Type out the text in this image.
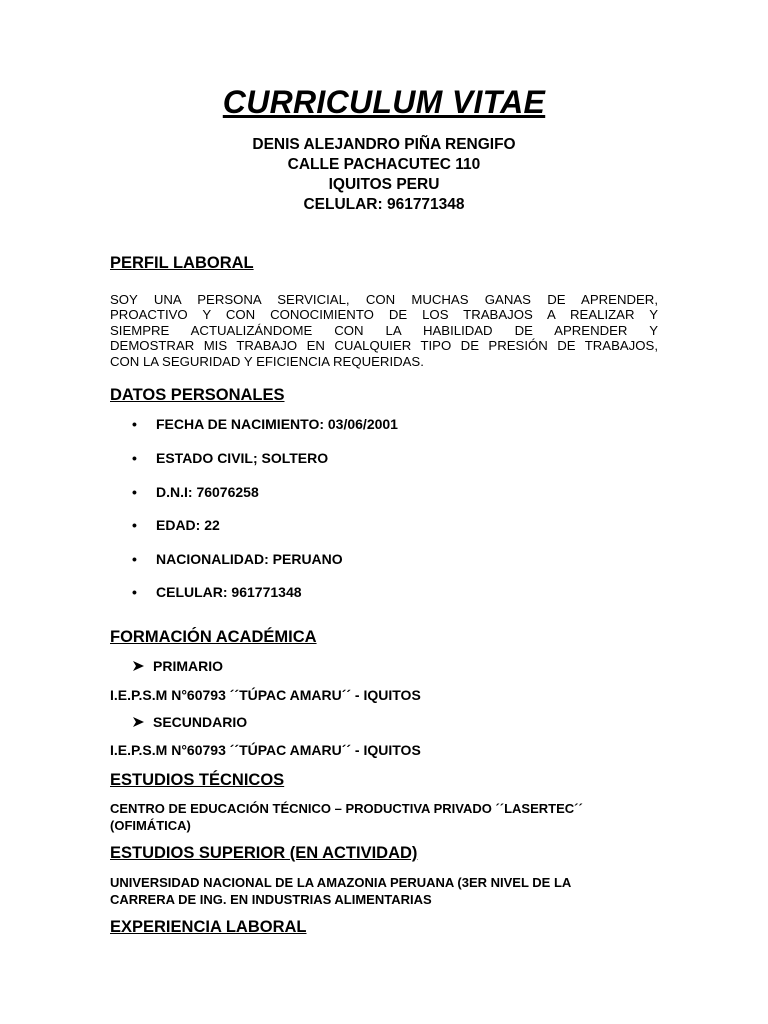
CURRICULUM VITAE
DENIS ALEJANDRO PIÑA RENGIFO
CALLE PACHACUTEC 110
IQUITOS PERU
CELULAR: 961771348
PERFIL LABORAL
SOY UNA PERSONA SERVICIAL, CON MUCHAS GANAS DE APRENDER,
PROACTIVO Y CON CONOCIMIENTO DE LOS TRABAJOS A REALIZAR Y
SIEMPRE ACTUALIZÁNDOME CON LA HABILIDAD DE APRENDER Y
DEMOSTRAR MIS TRABAJO EN CUALQUIER TIPO DE PRESIÓN DE TRABAJOS,
CON LA SEGURIDAD Y EFICIENCIA REQUERIDAS.
DATOS PERSONALES
• FECHA DE NACIMIENTO: 03/06/2001
• ESTADO CIVIL; SOLTERO
• D.N.I: 76076258
• EDAD: 22
• NACIONALIDAD: PERUANO
• CELULAR: 961771348
FORMACIÓN ACADÉMICA
PRIMARIO
I.E.P.S.M N°60793 ´´TÚPAC AMARU´´ - IQUITOS
SECUNDARIO
I.E.P.S.M N°60793 ´´TÚPAC AMARU´´ - IQUITOS
ESTUDIOS TÉCNICOS
CENTRO DE EDUCACIÓN TÉCNICO – PRODUCTIVA PRIVADO ´´LASERTEC´´
(OFIMÁTICA)
ESTUDIOS SUPERIOR (EN ACTIVIDAD)
UNIVERSIDAD NACIONAL DE LA AMAZONIA PERUANA (3ER NIVEL DE LA
CARRERA DE ING. EN INDUSTRIAS ALIMENTARIAS
EXPERIENCIA LABORAL
